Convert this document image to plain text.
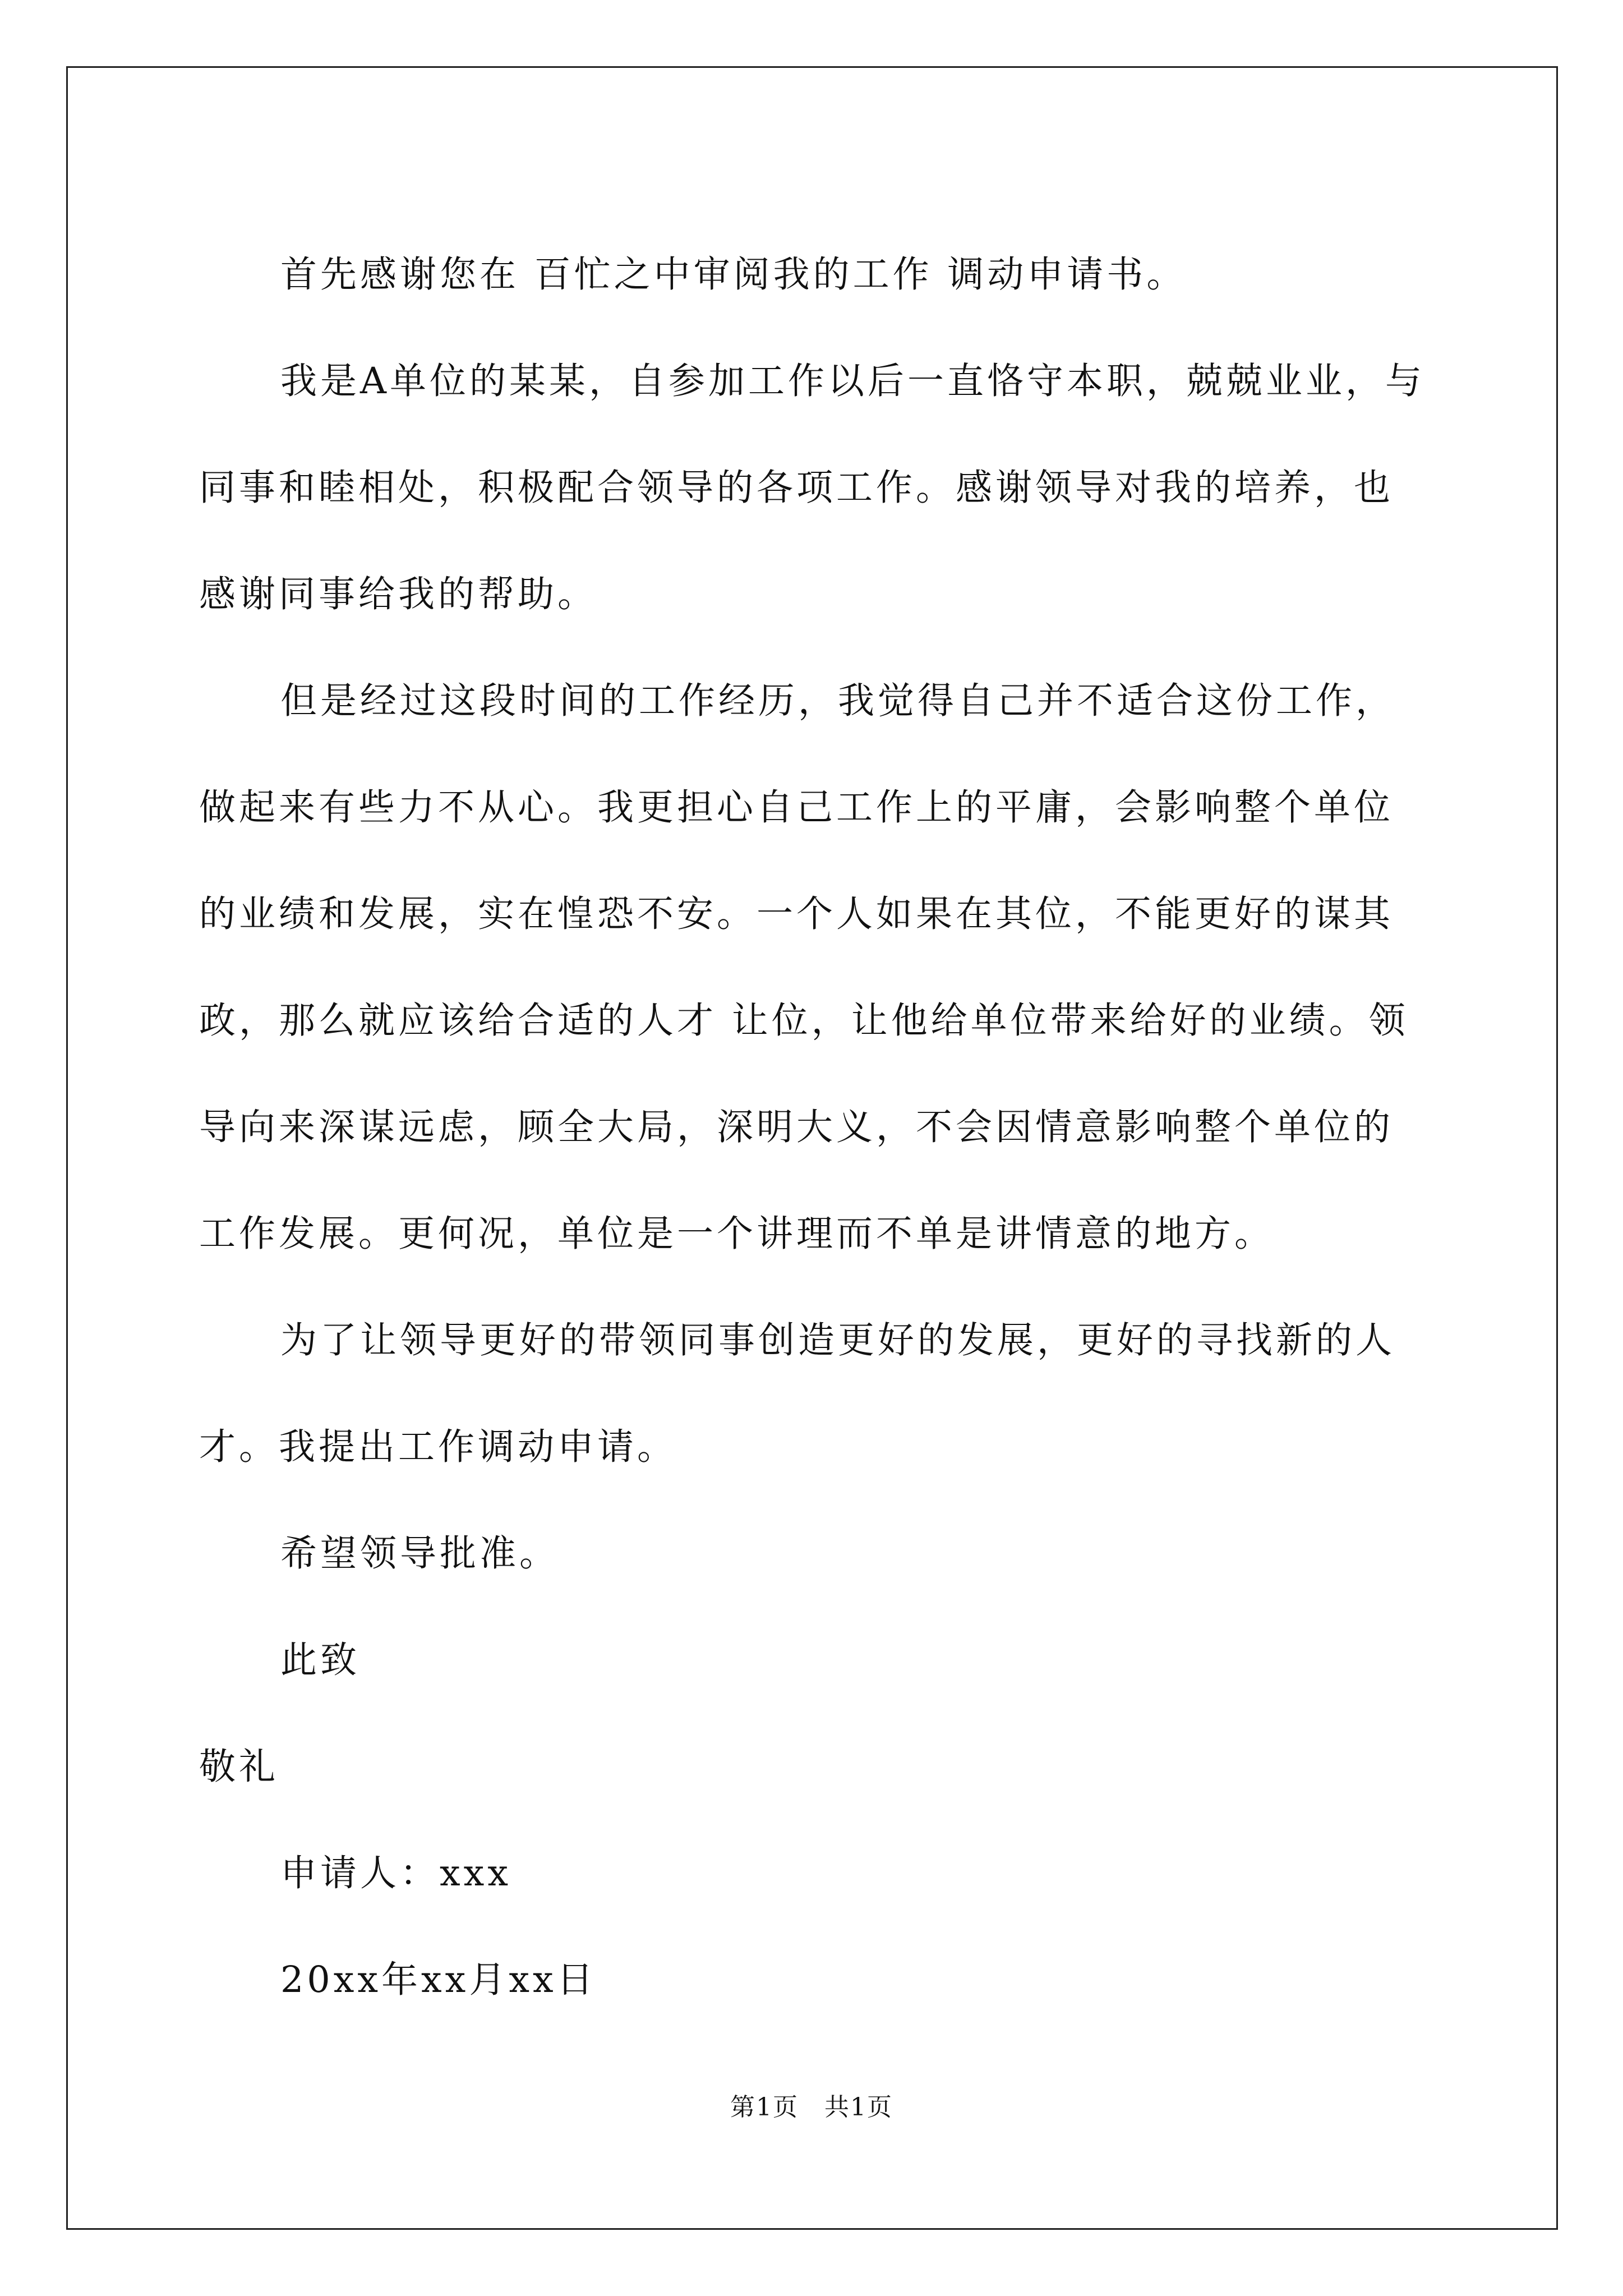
首先感谢您在 百忙之中审阅我的工作 调动申请书。

我是A单位的某某，自参加工作以后一直恪守本职，兢兢业业，与同事和睦相处，积极配合领导的各项工作。感谢领导对我的培养，也感谢同事给我的帮助。

但是经过这段时间的工作经历，我觉得自己并不适合这份工作，做起来有些力不从心。我更担心自己工作上的平庸，会影响整个单位的业绩和发展，实在惶恐不安。一个人如果在其位，不能更好的谋其政，那么就应该给合适的人才 让位，让他给单位带来给好的业绩。领导向来深谋远虑，顾全大局，深明大义，不会因情意影响整个单位的工作发展。更何况，单位是一个讲理而不单是讲情意的地方。

为了让领导更好的带领同事创造更好的发展，更好的寻找新的人才。我提出工作调动申请。

希望领导批准。

此致

敬礼

申请人：xxx

20xx年xx月xx日

第1页　共1页
